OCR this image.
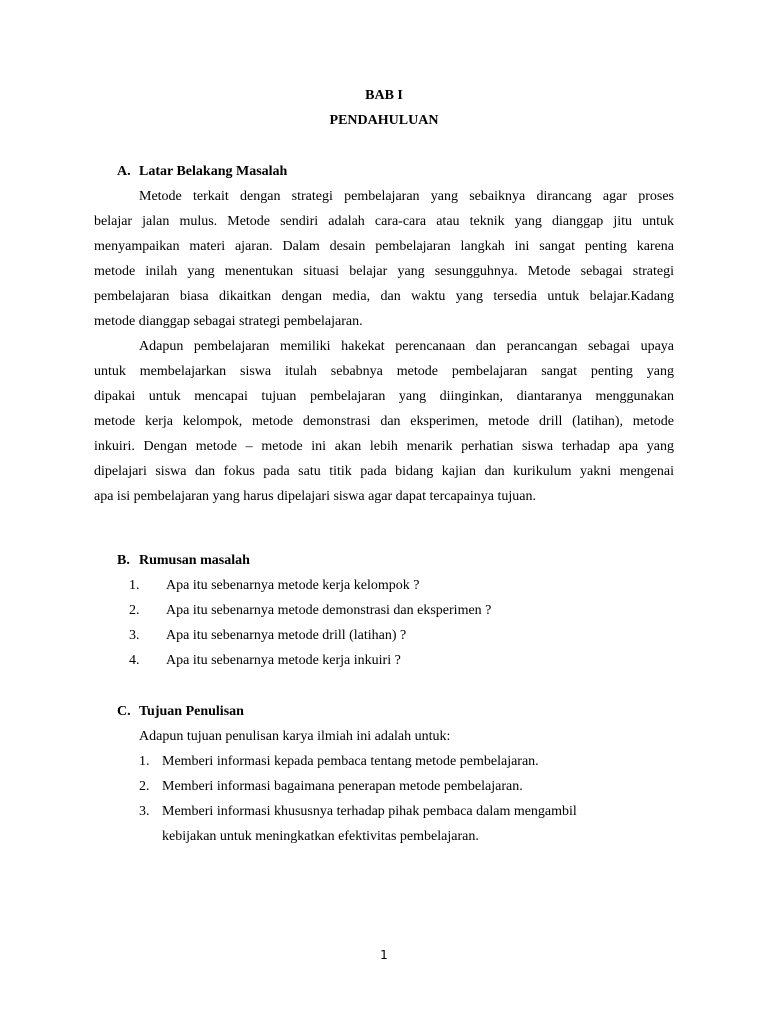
BAB I
PENDAHULUAN
A. Latar Belakang Masalah
Metode terkait dengan strategi pembelajaran yang sebaiknya dirancang agar proses
belajar jalan mulus. Metode sendiri adalah cara-cara atau teknik yang dianggap jitu untuk
menyampaikan materi ajaran. Dalam desain pembelajaran langkah ini sangat penting karena
metode inilah yang menentukan situasi belajar yang sesungguhnya. Metode sebagai strategi
pembelajaran biasa dikaitkan dengan media, dan waktu yang tersedia untuk belajar.Kadang
metode dianggap sebagai strategi pembelajaran.
Adapun pembelajaran memiliki hakekat perencanaan dan perancangan sebagai upaya
untuk membelajarkan siswa itulah sebabnya metode pembelajaran sangat penting yang
dipakai untuk mencapai tujuan pembelajaran yang diinginkan, diantaranya menggunakan
metode kerja kelompok, metode demonstrasi dan eksperimen, metode drill (latihan), metode
inkuiri. Dengan metode – metode ini akan lebih menarik perhatian siswa terhadap apa yang
dipelajari siswa dan fokus pada satu titik pada bidang kajian dan kurikulum yakni mengenai
apa isi pembelajaran yang harus dipelajari siswa agar dapat tercapainya tujuan.
B. Rumusan masalah
1. Apa itu sebenarnya metode kerja kelompok ?
2. Apa itu sebenarnya metode demonstrasi dan eksperimen ?
3. Apa itu sebenarnya metode drill (latihan) ?
4. Apa itu sebenarnya metode kerja inkuiri ?
C. Tujuan Penulisan
Adapun tujuan penulisan karya ilmiah ini adalah untuk:
1. Memberi informasi kepada pembaca tentang metode pembelajaran.
2. Memberi informasi bagaimana penerapan metode pembelajaran.
3. Memberi informasi khususnya terhadap pihak pembaca dalam mengambil
kebijakan untuk meningkatkan efektivitas pembelajaran.
1
